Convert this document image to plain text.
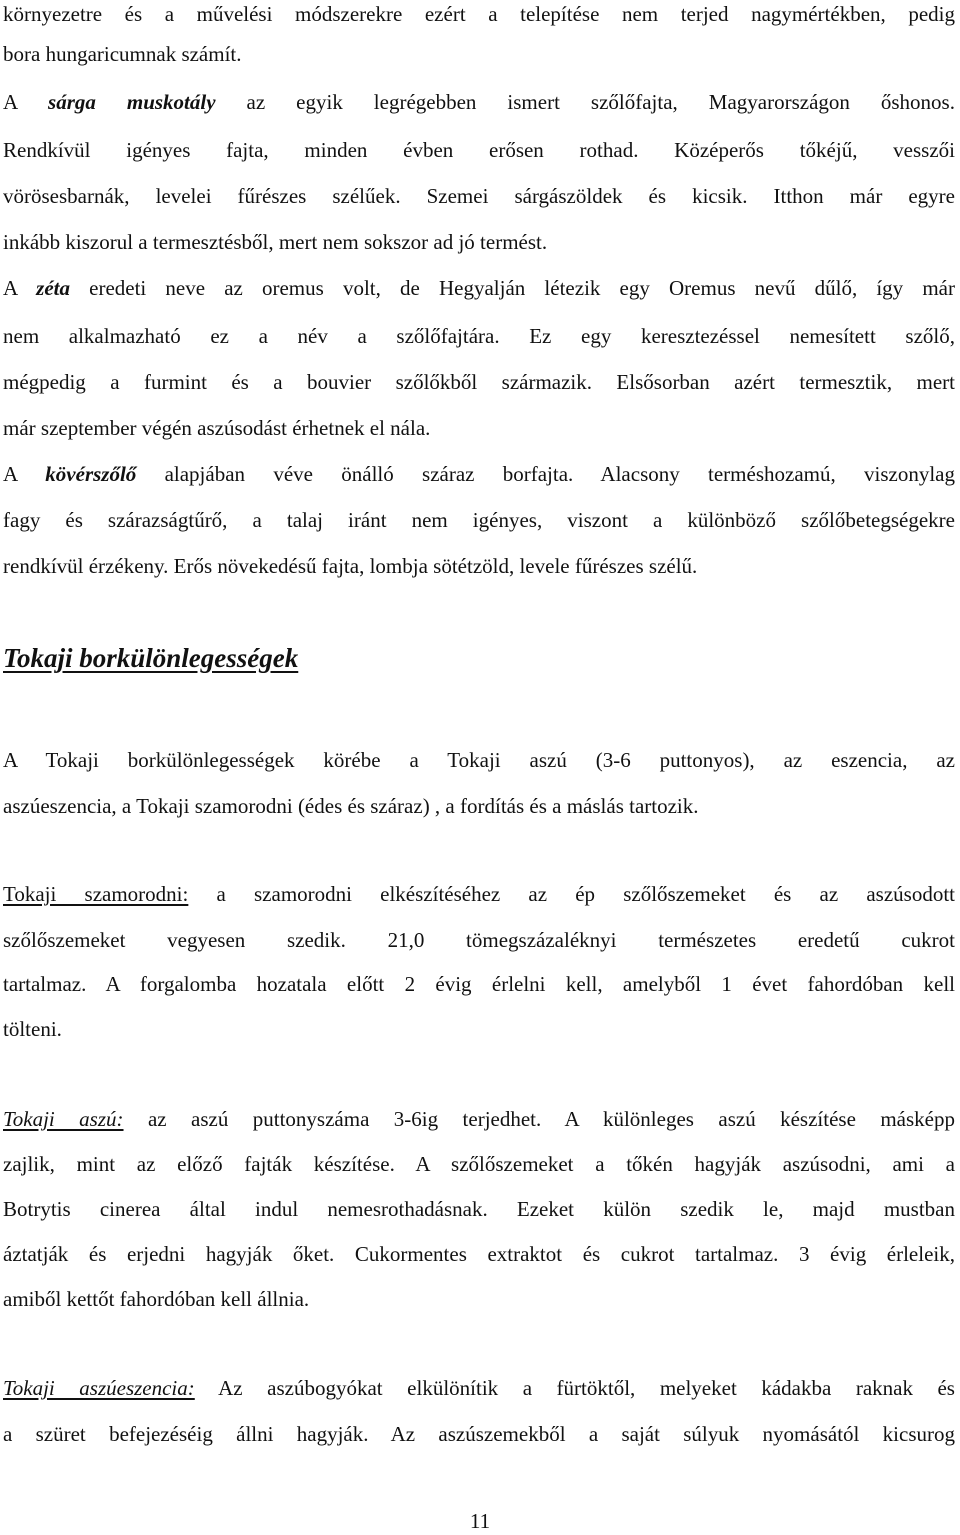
környezetre és a művelési módszerekre ezért a telepítése nem terjed nagymértékben, pedig
bora hungaricumnak számít.
A sárga muskotály az egyik legrégebben ismert szőlőfajta, Magyarországon őshonos.
Rendkívül igényes fajta, minden évben erősen rothad. Középerős tőkéjű, vesszői
vörösesbarnák, levelei fűrészes szélűek. Szemei sárgászöldek és kicsik. Itthon már egyre
inkább kiszorul a termesztésből, mert nem sokszor ad jó termést.
A zéta eredeti neve az oremus volt, de Hegyalján létezik egy Oremus nevű dűlő, így már
nem alkalmazható ez a név a szőlőfajtára. Ez egy keresztezéssel nemesített szőlő,
mégpedig a furmint és a bouvier szőlőkből származik. Elsősorban azért termesztik, mert
már szeptember végén aszúsodást érhetnek el nála.
A kövérszőlő alapjában véve önálló száraz borfajta. Alacsony terméshozamú, viszonylag
fagy és szárazságtűrő, a talaj iránt nem igényes, viszont a különböző szőlőbetegségekre
rendkívül érzékeny. Erős növekedésű fajta, lombja sötétzöld, levele fűrészes szélű.
Tokaji borkülönlegességek
A Tokaji borkülönlegességek körébe a Tokaji aszú (3-6 puttonyos), az eszencia, az
aszúeszencia, a Tokaji szamorodni (édes és száraz) , a fordítás és a máslás tartozik.
Tokaji szamorodni: a szamorodni elkészítéséhez az ép szőlőszemeket és az aszúsodott
szőlőszemeket vegyesen szedik. 21,0 tömegszázaléknyi természetes eredetű cukrot
tartalmaz. A forgalomba hozatala előtt 2 évig érlelni kell, amelyből 1 évet fahordóban kell
tölteni.
Tokaji aszú: az aszú puttonyszáma 3-6ig terjedhet. A különleges aszú készítése másképp
zajlik, mint az előző fajták készítése. A szőlőszemeket a tőkén hagyják aszúsodni, ami a
Botrytis cinerea által indul nemesrothadásnak. Ezeket külön szedik le, majd mustban
áztatják és erjedni hagyják őket. Cukormentes extraktot és cukrot tartalmaz. 3 évig érleleik,
amiből kettőt fahordóban kell állnia.
Tokaji aszúeszencia: Az aszúbogyókat elkülönítik a fürtöktől, melyeket kádakba raknak és
a szüret befejezéséig állni hagyják. Az aszúszemekből a saját súlyuk nyomásától kicsurog
11
